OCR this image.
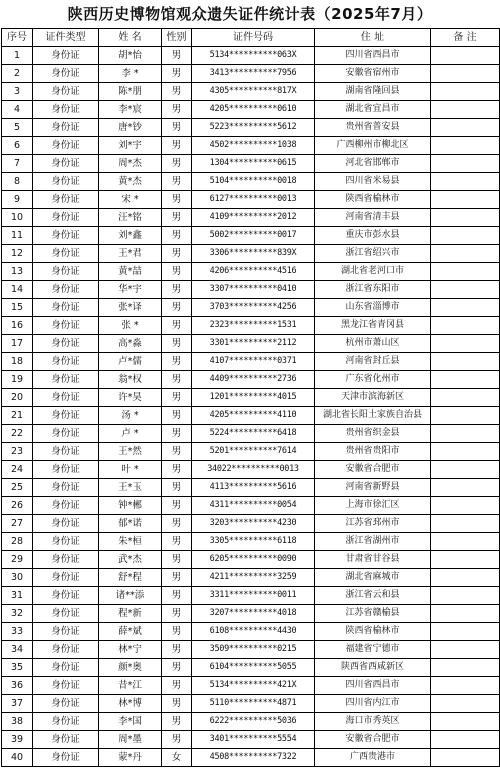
陕西历史博物馆观众遗失证件统计表（2025年7月）
序号	证件类型	姓 名	性别	证件号码	住 址	备 注
1	身份证	胡*怡	男	5134**********063X	四川省西昌市	
2	身份证	李 *	男	3413**********7956	安徽省宿州市	
3	身份证	陈*朋	男	4305**********817X	湖南省隆回县	
4	身份证	李*宸	男	4205**********0610	湖北省宜昌市	
5	身份证	唐*钞	男	5223**********5612	贵州省普安县	
6	身份证	刘*宇	男	4502**********1038	广西柳州市柳北区	
7	身份证	周*杰	男	1304**********0615	河北省邯郸市	
8	身份证	黄*杰	男	5104**********0018	四川省米易县	
9	身份证	宋 *	男	6127**********0013	陕西省榆林市	
10	身份证	汪*铭	男	4109**********2012	河南省清丰县	
11	身份证	刘*鑫	男	5002**********0017	重庆市彭水县	
12	身份证	王*君	男	3306**********839X	浙江省绍兴市	
13	身份证	黄*喆	男	4206**********4516	湖北省老河口市	
14	身份证	华*宇	男	3307**********0410	浙江省东阳市	
15	身份证	张*译	男	3703**********4256	山东省淄博市	
16	身份证	张 *	男	2323**********1531	黑龙江省青冈县	
17	身份证	高*淼	男	3301**********2112	杭州市萧山区	
18	身份证	卢*儒	男	4107**********0371	河南省封丘县	
19	身份证	翁*权	男	4409**********2736	广东省化州市	
20	身份证	许*昊	男	1201**********4015	天津市滨海新区	
21	身份证	汤 *	男	4205**********4110	湖北省长阳土家族自治县	
22	身份证	卢 *	男	5224**********6418	贵州省织金县	
23	身份证	王*然	男	5201**********7614	贵州省贵阳市	
24	身份证	叶 *	男	34022**********0013	安徽省合肥市	
25	身份证	王*玉	男	4113**********5616	河南省新野县	
26	身份证	钟*郴	男	4311**********0054	上海市徐汇区	
27	身份证	郁*诺	男	3203**********4230	江苏省邳州市	
28	身份证	朱*桓	男	3305**********6118	浙江省湖州市	
29	身份证	武*杰	男	6205**********0090	甘肃省甘谷县	
30	身份证	舒*程	男	4211**********3259	湖北省麻城市	
31	身份证	诸**添	男	3311**********0011	浙江省云和县	
32	身份证	程*新	男	3207**********4018	江苏省赣榆县	
33	身份证	薛*斌	男	6108**********4430	陕西省榆林市	
34	身份证	林*宁	男	3509**********0215	福建省宁德市	
35	身份证	颜*奥	男	6104**********5055	陕西省西咸新区	
36	身份证	昔*江	男	5134**********421X	四川省西昌市	
37	身份证	林*博	男	5110**********4871	四川省内江市	
38	身份证	李*国	男	6222**********5036	海口市秀英区	
39	身份证	周*墨	男	3401**********5554	安徽省合肥市	
40	身份证	蒙*丹	女	4508**********7322	广西贵港市	
